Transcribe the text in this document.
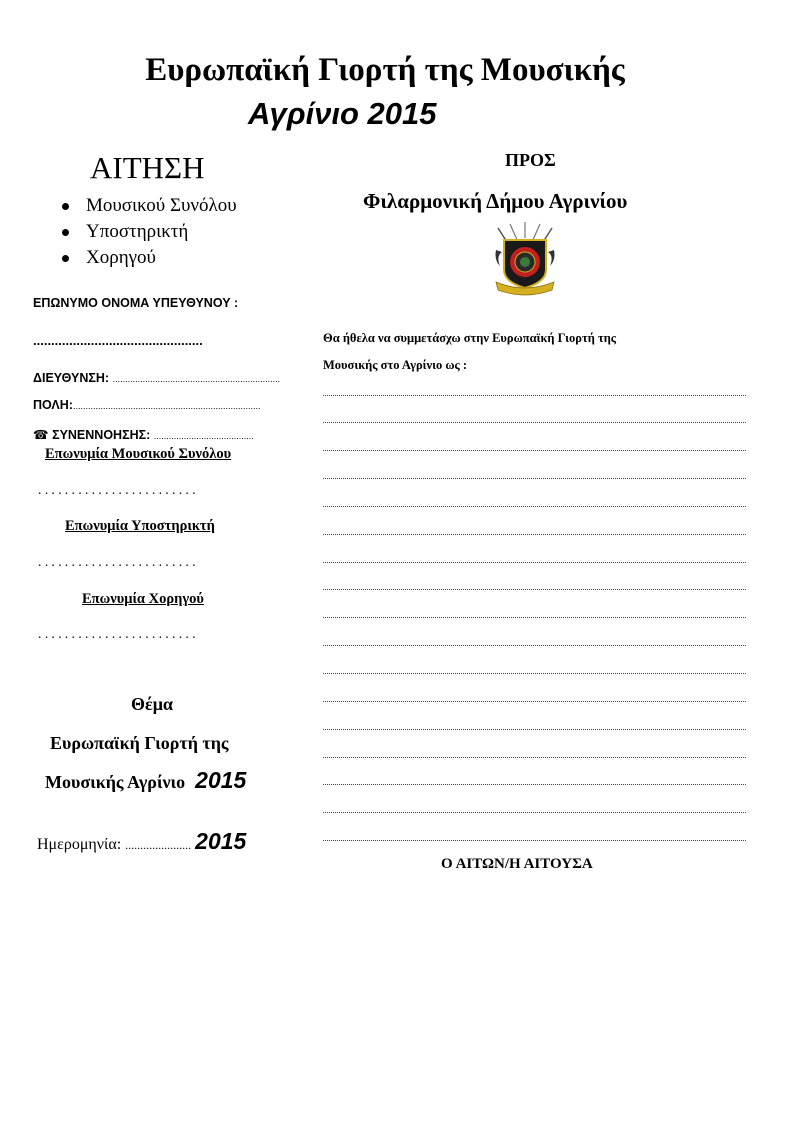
Ευρωπαϊκή Γιορτή της Μουσικής
Αγρίνιο 2015
ΑΙΤΗΣΗ
Μουσικού Συνόλου
Υποστηρικτή
Χορηγού
ΕΠΩΝΥΜΟ ΟΝΟΜΑ ΥΠΕΥΘΥΝΟΥ :
...............................................
ΔΙΕΥΘΥΝΣΗ: ...................................................................
ΠΟΛΗ:...........................................................................
☎ ΣΥΝΕΝΝΟΗΣΗΣ: ........................................
Επωνυμία Μουσικού Συνόλου
........................
Επωνυμία Υποστηρικτή
........................
Επωνυμία Χορηγού
........................
Θέμα
Ευρωπαϊκή Γιορτή της
Μουσικής Αγρίνιο 2015
Ημερομηνία: ...................... 2015
ΠΡΟΣ
Φιλαρμονική Δήμου Αγρινίου
Θα ήθελα να συμμετάσχω στην Ευρωπαϊκή Γιορτή της
Μουσικής στο Αγρίνιο ως :
Ο ΑΙΤΩΝ/Η ΑΙΤΟΥΣΑ
